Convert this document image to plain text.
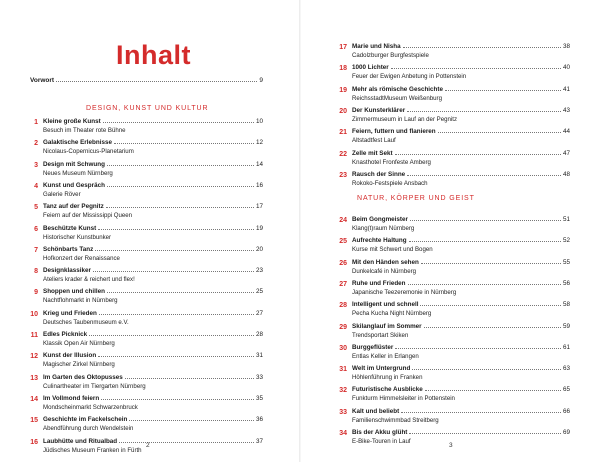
Inhalt
Vorwort	9
DESIGN, KUNST UND KULTUR
NATUR, KÖRPER UND GEIST
1 Kleine große Kunst	10
Besuch im Theater rote Bühne
2 Galaktische Erlebnisse	12
Nicolaus-Copernicus-Planetarium
3 Design mit Schwung	14
Neues Museum Nürnberg
4 Kunst und Gespräch	16
Galerie Röver
5 Tanz auf der Pegnitz	17
Feiern auf der Mississippi Queen
6 Beschützte Kunst	19
Historischer Kunstbunker
7 Schönbarts Tanz	20
Hofkonzert der Renaissance
8 Designklassiker	23
Ateliers krader & reichert und flex!
9 Shoppen und chillen	25
Nachtflohmarkt in Nürnberg
10 Krieg und Frieden	27
Deutsches Taubenmuseum e.V.
11 Edles Picknick	28
Klassik Open Air Nürnberg
12 Kunst der Illusion	31
Magischer Zirkel Nürnberg
13 Im Garten des Oktopusses	33
Culinartheater im Tiergarten Nürnberg
14 Im Vollmond feiern	35
Mondscheinmarkt Schwarzenbruck
15 Geschichte im Fackelschein	36
Abendführung durch Wendelstein
16 Laubhütte und Ritualbad	37
Jüdisches Museum Franken in Fürth
17 Marie und Nisha	38
Cadolzburger Burgfestspiele
18 1000 Lichter	40
Feuer der Ewigen Anbetung in Pottenstein
19 Mehr als römische Geschichte	41
ReichsstadtMuseum Weißenburg
20 Der Kunsterklärer	43
Zimmermuseum in Lauf an der Pegnitz
21 Feiern, futtern und flanieren	44
Altstadtfest Lauf
22 Zelle mit Sekt	47
Knasthotel Fronfeste Amberg
23 Rausch der Sinne	48
Rokoko-Festspiele Ansbach
24 Beim Gongmeister	51
Klang(t)raum Nürnberg
25 Aufrechte Haltung	52
Kurse mit Schwert und Bogen
26 Mit den Händen sehen	55
Dunkelcafé in Nürnberg
27 Ruhe und Frieden	56
Japanische Teezeremonie in Nürnberg
28 Intelligent und schnell	58
Pecha Kucha Night Nürnberg
29 Skilanglauf im Sommer	59
Trendsportart Skiken
30 Burggeflüster	61
Entlas Keller in Erlangen
31 Welt im Untergrund	63
Höhlenführung in Franken
32 Futuristische Ausblicke	65
Funkturm Himmelsleiter in Pottenstein
33 Kalt und beliebt	66
Familienschwimmbad Streitberg
34 Bis der Akku glüht	69
E-Bike-Touren in Lauf
2	3
